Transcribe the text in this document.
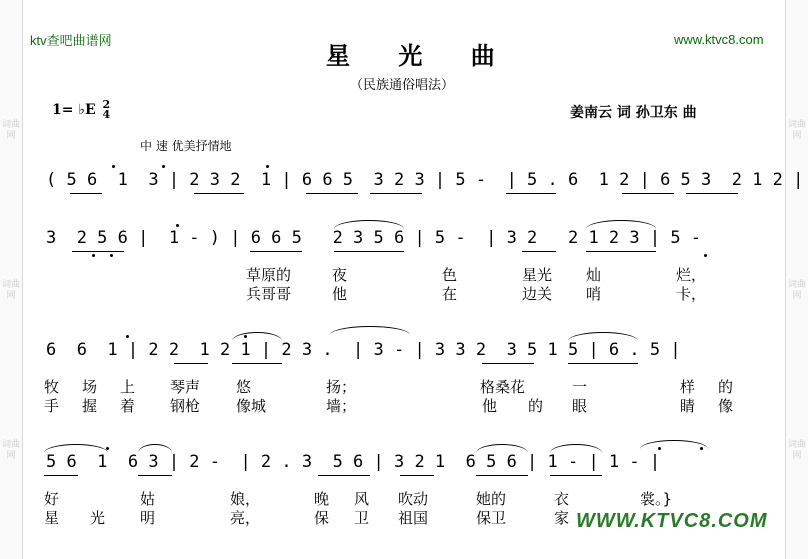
词曲网
词曲网
词曲网
词曲网
词曲网
词曲网
ktv查吧曲谱网	www.ktvc8.com
星 光 曲
（民族通俗唱法）
1= ♭E 2
4	姜南云 词 孙卫东 曲
中 速 优美抒情地
( 5 6  1  3 | 2 3 2  1 | 6 6 5  3 2 3 | 5 -  | 5 . 6  1 2 | 6 5 3  2 1 2 |
3  2 5 6 |  1 - ) | 6 6 5   2 3 5 6 | 5 -  | 3 2   2 1 2 3 | 5 -
6  6  1 | 2 2  1 2 1 | 2 3 .  | 3 - | 3 3 2  3 5 1 5 | 6 . 5 |
5 6  1  6 3 | 2 -  | 2 . 3  5 6 | 3 2 1  6 5 6 | 1 - | 1 - |
草原的	夜	色	星光 灿	烂，
兵哥哥	他	在	边关 哨	卡，
牧 场 上 琴声 悠	扬；	格桑花	一	样 的
手 握 着 钢枪 像城	墙；	他 的 眼	睛 像
好	姑	娘，	晚 风 吹动	她的	衣	裳。}
星 光 明	亮，	保 卫 祖国	保卫	家 WWW.KTVC8.COM
